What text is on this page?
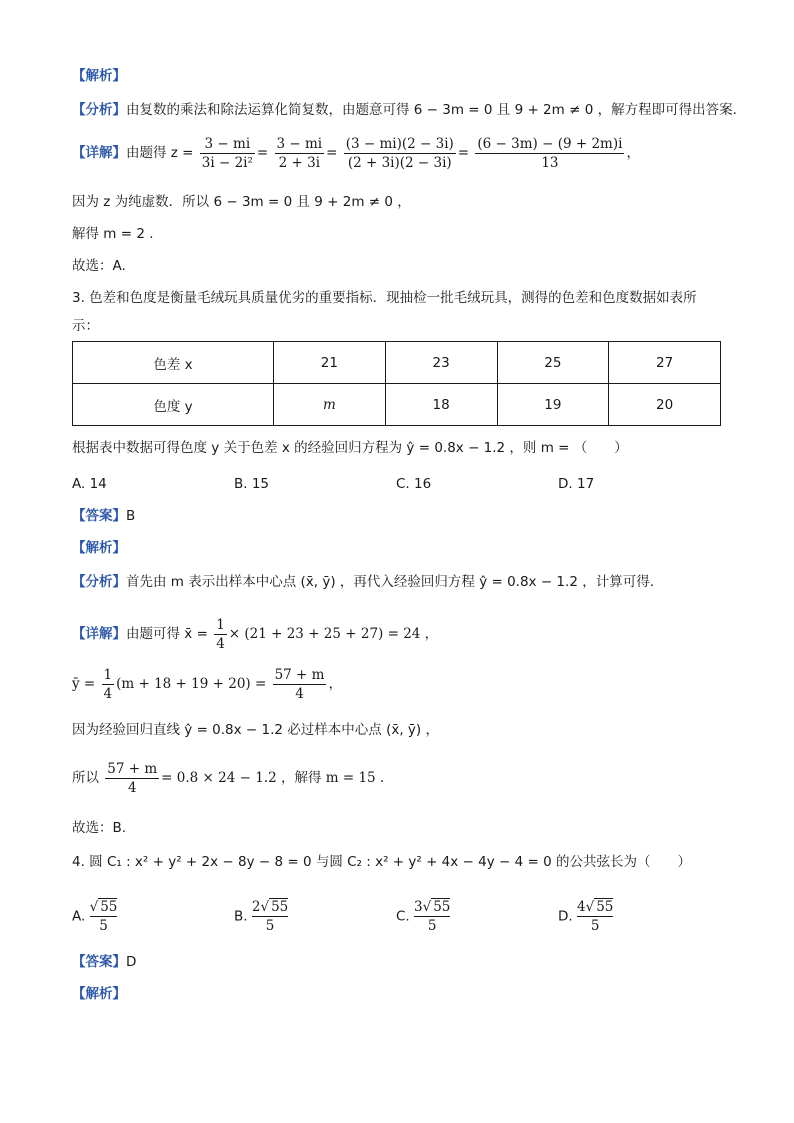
【解析】
【分析】由复数的乘法和除法运算化简复数，由题意可得 6 − 3m = 0 且 9 + 2m ≠ 0 ，解方程即可得出答案.
【详解】由题得 $z = \frac{3 - mi}{\text{3i − 2i²}} = \frac{3 - mi}{2 + 3i} = \frac{(3 - mi)(2 - 3i)}{(2 + 3i)(2 - 3i)} = \frac{(6 - 3m) - (9 + 2m)i}{13}$ ，
因为 z 为纯虚数．所以 6 − 3m = 0 且 9 + 2m ≠ 0 ，
解得 m = 2 .
故选：A.
3. 色差和色度是衡量毛绒玩具质量优劣的重要指标．现抽检一批毛绒玩具，测得的色差和色度数据如表所
示：
色差 x	21	23	25	27
色度 y	m	18	19	20
根据表中数据可得色度 y 关于色差 x 的经验回归方程为 ŷ = 0.8x − 1.2 ，则 m = （　　）
A. 14	B. 15	C. 16	D. 17
【答案】B
【解析】
【分析】首先由 m 表示出样本中心点 (x̄, ȳ) ，再代入经验回归方程 ŷ = 0.8x − 1.2 ，计算可得.
【详解】由题可得 x̄ = $\frac{1}{4} \times (21 + 23 + 25 + 27) = 24$ ，
ȳ = $\frac{1}{4} (m + 18 + 19 + 20) = \frac{57 + m}{4}$ ，
因为经验回归直线 ŷ = 0.8x − 1.2 必过样本中心点 (x̄, ȳ) ，
所以 $\frac{57 + m}{4} = 0.8 \times 24 - 1.2$ ，解得 m = 15 .
故选：B.
4. 圆 C₁ : x² + y² + 2x − 8y − 8 = 0 与圆 C₂ : x² + y² + 4x − 4y − 4 = 0 的公共弦长为（　　）
A. $\frac{√ 55}{5}$	B. $\frac{2√ 55}{5}$	C. $\frac{3√ 55}{5}$	D. $\frac{4√ 55}{5}$
【答案】D
【解析】
